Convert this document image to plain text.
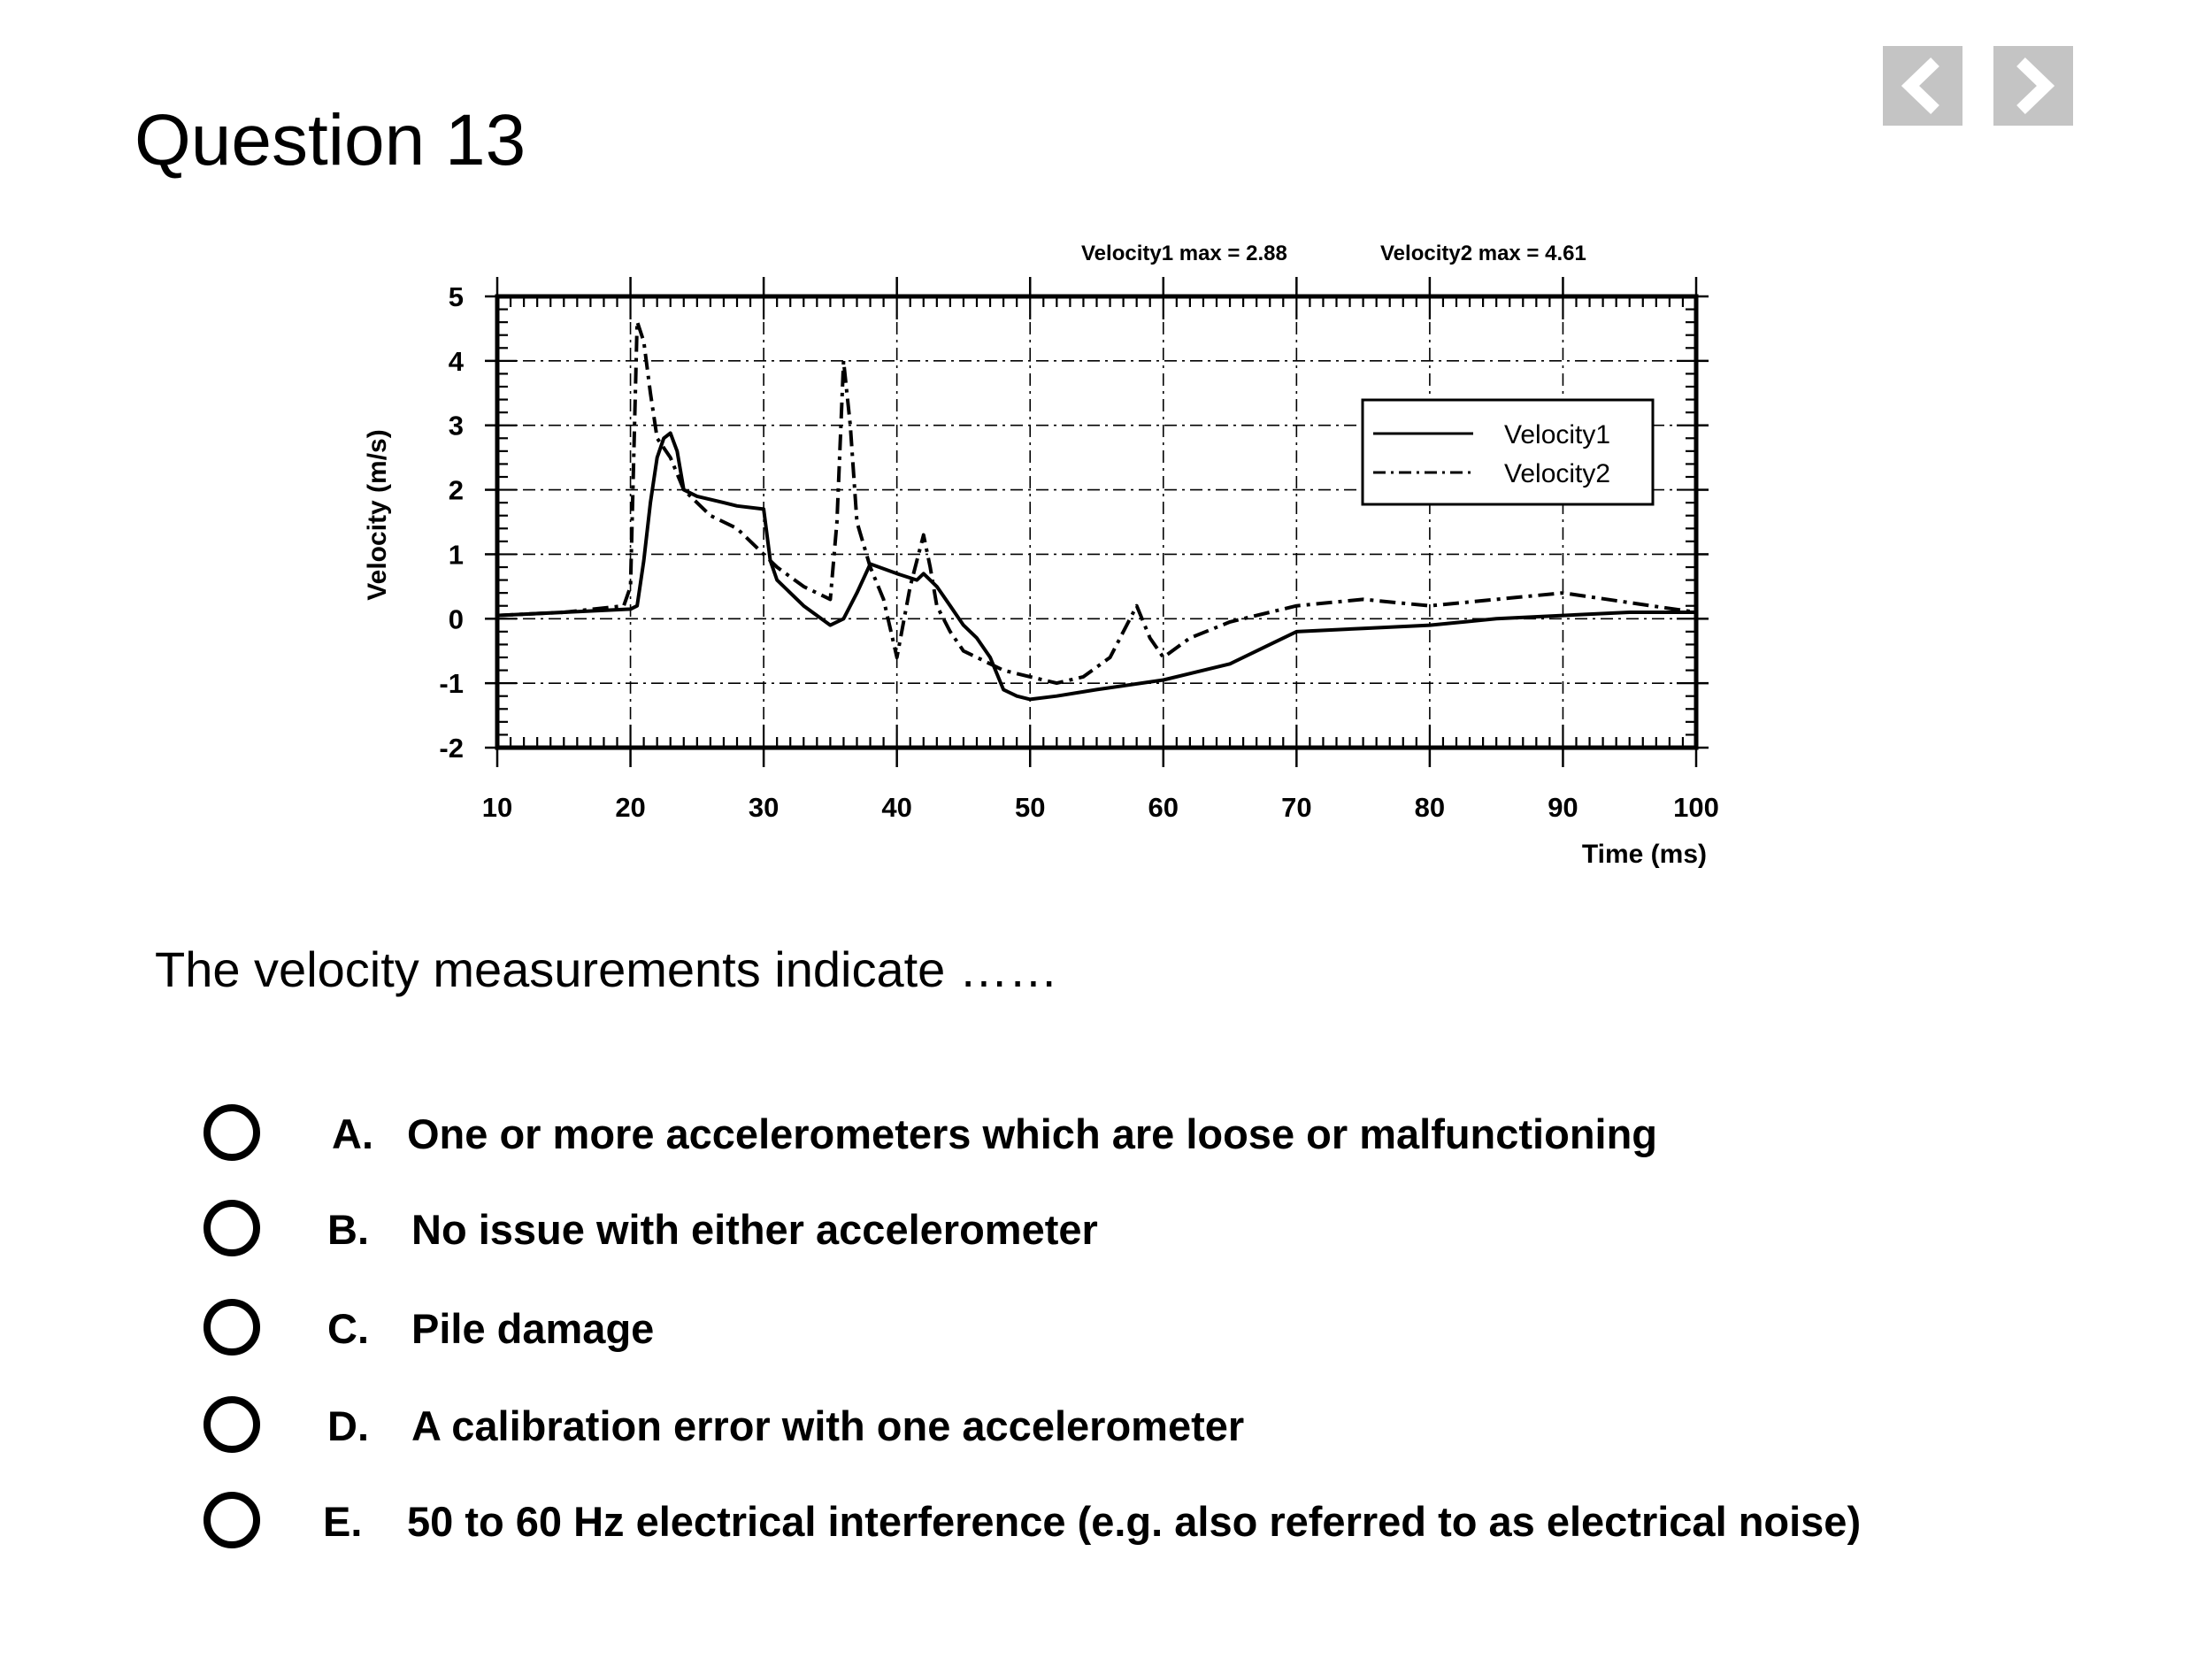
Question 13
10	20	30	40	50	60	70	80	90	100
5
4
3
2
1
0
-1
-2
Time (ms)
Velocity (m/s)
Velocity1 max = 2.88	Velocity2 max = 4.61
Velocity1
Velocity2

The velocity measurements indicate ……

A. One or more accelerometers which are loose or malfunctioning
B. No issue with either accelerometer
C. Pile damage
D. A calibration error with one accelerometer
E. 50 to 60 Hz electrical interference (e.g. also referred to as electrical noise)
